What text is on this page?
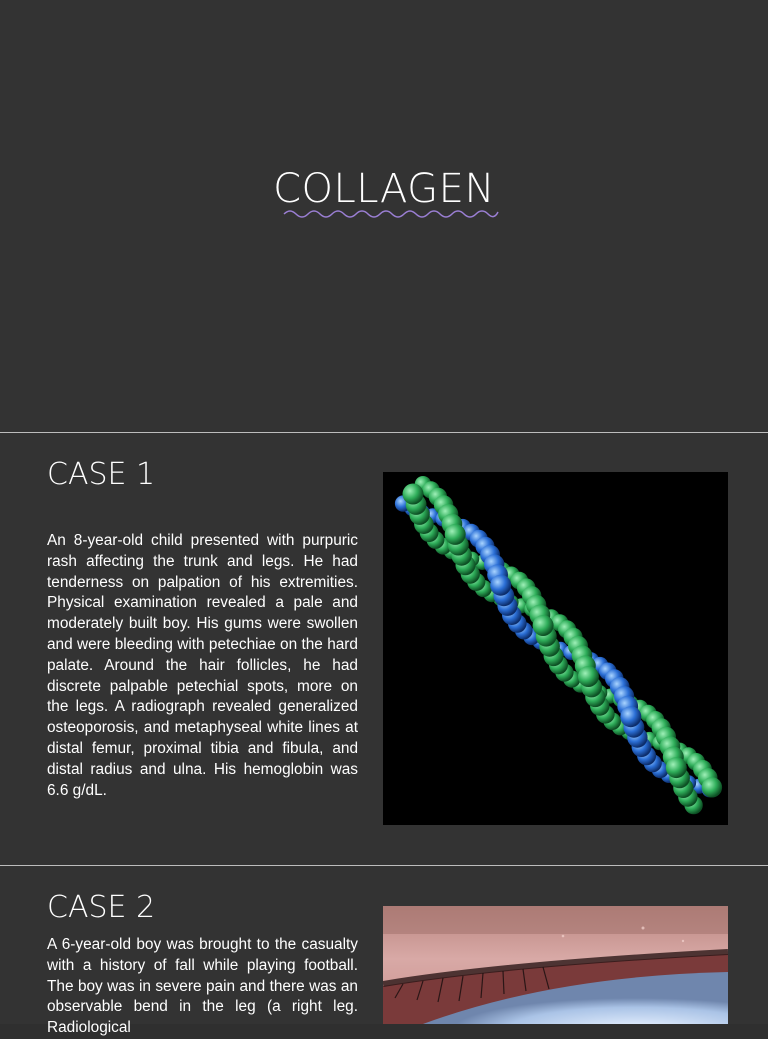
COLLAGEN
CASE 1
An 8-year-old child presented with purpuric rash affecting the trunk and legs. He had tenderness on palpation of his extremities. Physical examination revealed a pale and moderately built boy. His gums were swollen and were bleeding with petechiae on the hard palate. Around the hair follicles, he had discrete palpable petechial spots, more on the legs. A radiograph revealed generalized osteoporosis, and metaphyseal white lines at distal femur, proximal tibia and fibula, and distal radius and ulna. His hemoglobin was 6.6 g/dL.
CASE 2
A 6-year-old boy was brought to the casualty with a history of fall while playing football. The boy was in severe pain and there was an observable bend in the leg (a right leg. Radiological
